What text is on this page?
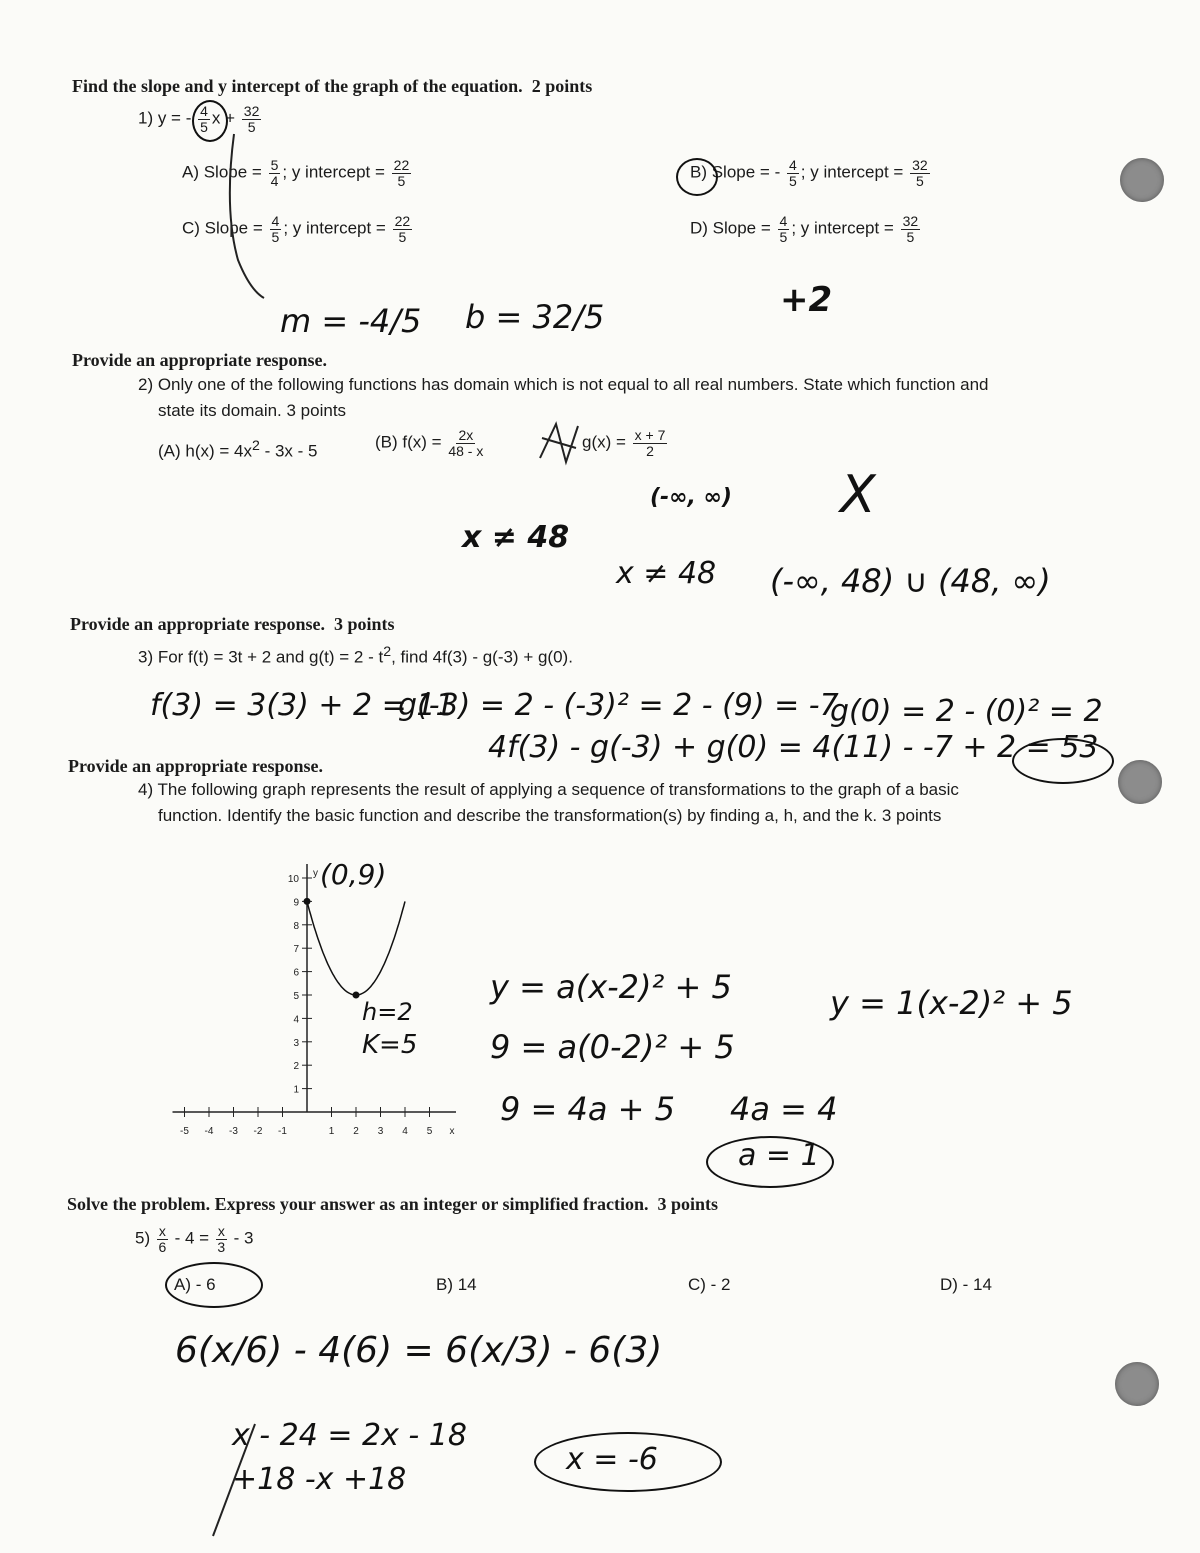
Find the slope and y intercept of the graph of the equation. 2 points
1) y = - $\frac{4}{5}$ $x + \frac{32}{5}$
A) Slope = $\frac{5}{4}$ ; y intercept = $\frac{22}{5}$	B) Slope = - $\frac{4}{5}$ ; y intercept = $\frac{32}{5}$
C) Slope = $\frac{4}{5}$ ; y intercept = $\frac{22}{5}$	D) Slope = $\frac{4}{5}$ ; y intercept = $\frac{32}{5}$
m = -4/5 b = 32/5	+2
Provide an appropriate response.
2) Only one of the following functions has domain which is not equal to all real numbers. State which function and
state its domain. 3 points
(A) $h(x) = 4x^2 - 3x - 5$	(B) $f(x) = \frac{2x}{48 - x}$	$g(x) = \frac{x + 7}{2}$
x ≠ 48
(-∞, ∞) X
x ≠ 48 (-∞, 48) ∪ (48, ∞)
Provide an appropriate response. 3 points
3) For f(t) = 3t + 2 and $g(t) = 2 - t^2$, find 4f(3) - g(-3) + g(0).
f(3) = 3(3) + 2 = 11
g(-3) = 2 - (-3)² = 2 - (9) = -7
g(0) = 2 - (0)² = 2
4f(3) - g(-3) + g(0) = 4(11) - -7 + 2 = 53
Provide an appropriate response.
4) The following graph represents the result of applying a sequence of transformations to the graph of a basic
function. Identify the basic function and describe the transformation(s) by finding a, h, and the k. 3 points
-5 -4 -3 -2 -1	1 2 3 4 5
1
2
3
4
5
6
7
8
9
10
x
y (0,9)
h=2
K=5
y = a(x-2)² + 5
9 = a(0-2)² + 5
9 = 4a + 5 4a = 4
a = 1
y = 1(x-2)² + 5
Solve the problem. Express your answer as an integer or simplified fraction. 3 points
$5) \frac{x}{6} - 4 = \frac{x}{3} - 3$
A) - 6	B) 14	C) - 2	D) - 14
6(x/6) - 4(6) = 6(x/3) - 6(3)
x - 24 = 2x - 18
+18 -x +18
x = -6
